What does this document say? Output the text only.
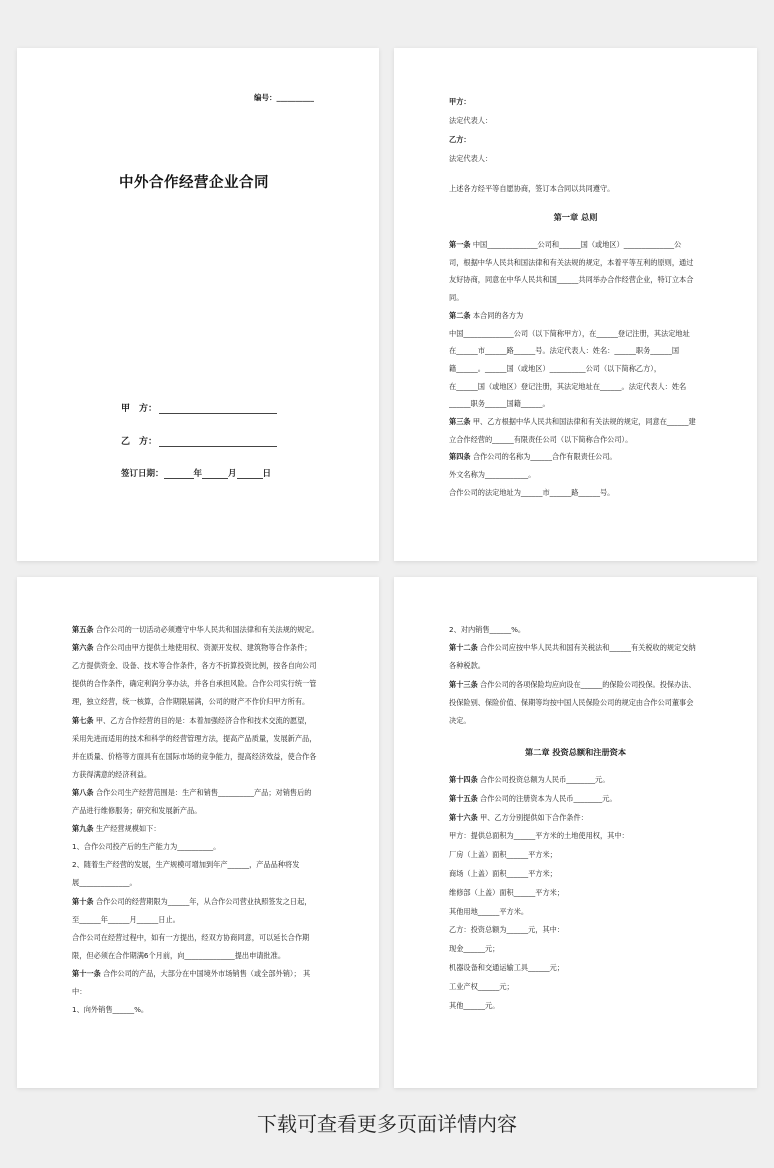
编号：__________
中外合作经营企业合同
甲　方：
乙　方：
签订日期：	年	月	日
甲方：
法定代表人：
乙方：
法定代表人：
上述各方经平等自愿协商，签订本合同以共同遵守。
第一章 总则
第一条 中国______________公司和______国（或地区）______________公
司，根据中华人民共和国法律和有关法规的规定，本着平等互利的原则，通过
友好协商，同意在中华人民共和国______共同举办合作经营企业，特订立本合
同。
第二条 本合同的各方为
中国______________公司（以下简称甲方），在______登记注册，其法定地址
在______市______路______号。法定代表人：姓名：______职务______国
籍______。______国（或地区）__________公司（以下简称乙方），
在______国（或地区）登记注册，其法定地址在______。法定代表人：姓名
______职务______国籍______。
第三条 甲、乙方根据中华人民共和国法律和有关法规的规定，同意在______建
立合作经营的______有限责任公司（以下简称合作公司）。
第四条 合作公司的名称为______合作有限责任公司。
外文名称为____________。
合作公司的法定地址为______市______路______号。
第五条 合作公司的一切活动必须遵守中华人民共和国法律和有关法规的规定。
第六条 合作公司由甲方提供土地使用权、资源开发权、建筑物等合作条件；
乙方提供资金、设备、技术等合作条件，各方不折算投资比例，按各自向公司
提供的合作条件，确定利润分享办法，并各自承担风险。合作公司实行统一管
理，独立经营，统一核算，合作期限届满，公司的财产不作价归甲方所有。
第七条 甲、乙方合作经营的目的是：本着加强经济合作和技术交流的愿望，
采用先进而适用的技术和科学的经营管理方法，提高产品质量，发展新产品，
并在质量、价格等方面具有在国际市场的竞争能力，提高经济效益，使合作各
方获得满意的经济利益。
第八条 合作公司生产经营范围是：生产和销售__________产品；对销售后的
产品进行维修服务；研究和发展新产品。
第九条 生产经营规模如下：
1、合作公司投产后的生产能力为__________。
2、随着生产经营的发展，生产规模可增加到年产______，产品品种将发
展______________。
第十条 合作公司的经营期限为______年，从合作公司营业执照签发之日起，
至______年______月______日止。
合作公司在经营过程中，如有一方提出，经双方协商同意，可以延长合作期
限，但必须在合作期满6个月前，向______________提出申请批准。
第十一条 合作公司的产品，大部分在中国境外市场销售（或全部外销）； 其
中：
1、向外销售______%。
2、对内销售______%。
第十二条 合作公司应按中华人民共和国有关税法和______有关税收的规定交纳
各种税款。
第十三条 合作公司的各项保险均应向设在______的保险公司投保。投保办法、
投保险别、保险价值、保期等均按中国人民保险公司的规定由合作公司董事会
决定。
第二章 投资总额和注册资本
第十四条 合作公司投资总额为人民币________元。
第十五条 合作公司的注册资本为人民币________元。
第十六条 甲、乙方分别提供如下合作条件：
甲方：提供总面积为______平方米的土地使用权，其中：
厂房（上盖）面积______平方米；
商场（上盖）面积______平方米；
维修部（上盖）面积______平方米；
其他用地______平方米。
乙方：投资总额为______元，其中：
现金______元；
机器设备和交通运输工具______元；
工业产权______元；
其他______元。
下载可查看更多页面详情内容
